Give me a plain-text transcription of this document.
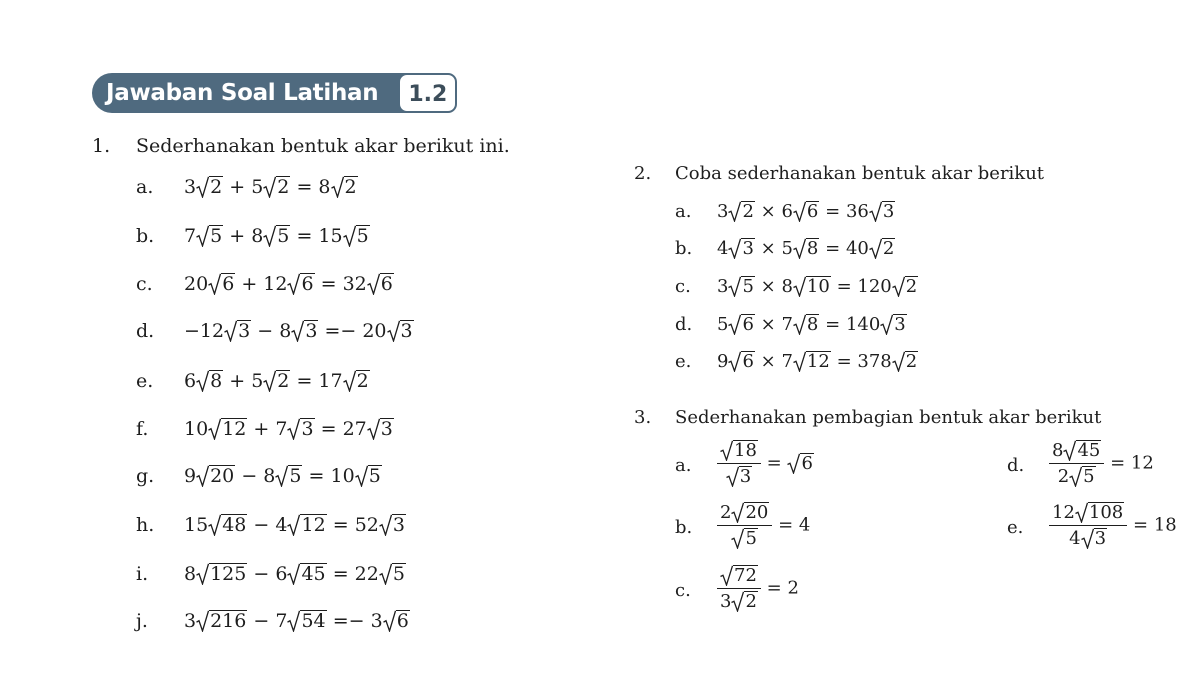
Jawaban Soal Latihan	1.2
1. Sederhanakan bentuk akar berikut ini.
a. 3 2 + 5 2 = 8 2
b. 7 5 + 8 5 = 15 5
c. 20 6 + 12 6 = 32 6
d. −12 3 − 8 3 =− 20 3
e. 6 8 + 5 2 = 17 2
f. 10 12 + 7 3 = 27 3
g. 9 20 − 8 5 = 10 5
h. 15 48 − 4 12 = 52 3
i. 8 125 − 6 45 = 22 5
j. 3 216 − 7 54 =− 3 6
2. Coba sederhanakan bentuk akar berikut
a. 3 2 × 6 6 = 36 3
b. 4 3 × 5 8 = 40 2
c. 3 5 × 8 10 = 120 2
d. 5 6 × 7 8 = 140 3
e. 9 6 × 7 12 = 378 2
3. Sederhanakan pembagian bentuk akar berikut
a. $\frac{18}{3} = 6$
b. $\frac{2 20}{5} = 4$
c. $\frac{72}{3 2} = 2$
d. $\frac{8 45}{2 5} = 12$
e. $\frac{12 108}{4 3} = 18$
